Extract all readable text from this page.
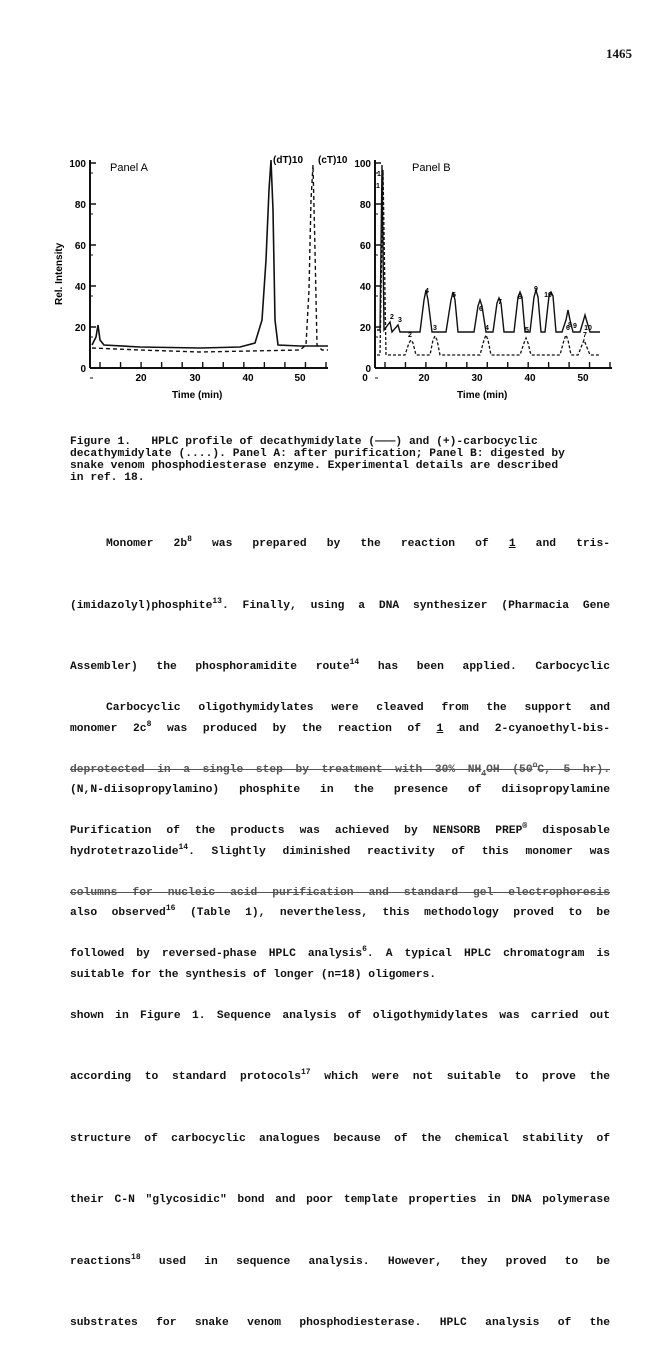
1465
100
80
60
40
20
0
20	30	40	50
Panel A
Time (min)
Rel. Intensity
(dT)10 (cT)10 100
80
60
40
20
0
0	20	30	40	50
Panel B
Time (min)
1
2 3
4
5
6
7
8
9
10
1
2
3	4	5	6
7
8 9 10
Figure 1.   HPLC profile of decathymidylate (———) and (+)-carbocyclic
decathymidylate (....). Panel A: after purification; Panel B: digested by
snake venom phosphodiesterase enzyme. Experimental details are described
in ref. 18.

Monomer $2b^8$ was prepared by the reaction of 1 and tris-

(imidazolyl)phosphite$^{13}$. Finally, using a DNA synthesizer (Pharmacia Gene

Assembler) the phosphoramidite route$^{14}$ has been applied. Carbocyclic

monomer $2c^8$ was produced by the reaction of 1 and 2-cyanoethyl-bis-

(N,N-diisopropylamino) phosphite in the presence of diisopropylamine

hydrotetrazolide$^{14}$. Slightly diminished reactivity of this monomer was

also observed$^{16}$ (Table 1), nevertheless, this methodology proved to be

suitable for the synthesis of longer (n=18) oligomers.

Carbocyclic oligothymidylates were cleaved from the support and

deprotected in a single step by treatment with 30% $NH_4OH$ (50$^o$C, 5 hr).

Purification of the products was achieved by NENSORB PREP® disposable

columns for nucleic acid purification and standard gel electrophoresis

followed by reversed-phase HPLC analysis$^6$. A typical HPLC chromatogram is

shown in Figure 1. Sequence analysis of oligothymidylates was carried out

according to standard protocols$^{17}$ which were not suitable to prove the

structure of carbocyclic analogues because of the chemical stability of

their C-N "glycosidic" bond and poor template properties in DNA polymerase

reactions$^{18}$ used in sequence analysis. However, they proved to be

substrates for snake venom phosphodiesterase. HPLC analysis of the
